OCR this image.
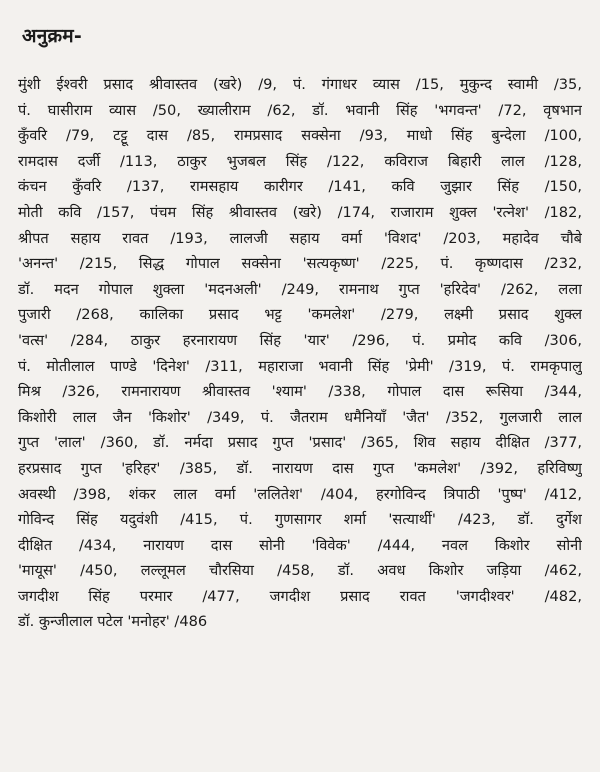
अनुक्रम-
मुंशी ईश्वरी प्रसाद श्रीवास्तव (खरे) /9, पं. गंगाधर व्यास /15, मुकुन्द स्वामी /35,
पं. घासीराम व्यास /50, ख्यालीराम /62, डॉ. भवानी सिंह 'भगवन्त' /72, वृषभान
कुँवरि /79, टट्टू दास /85, रामप्रसाद सक्सेना /93, माधो सिंह बुन्देला /100,
रामदास दर्जी /113, ठाकुर भुजबल सिंह /122, कविराज बिहारी लाल /128,
कंचन कुँवरि /137, रामसहाय कारीगर /141, कवि जुझार सिंह /150,
मोती कवि /157, पंचम सिंह श्रीवास्तव (खरे) /174, राजाराम शुक्ल 'रत्नेश' /182,
श्रीपत सहाय रावत /193, लालजी सहाय वर्मा 'विशद' /203, महादेव चौबे
'अनन्त' /215, सिद्ध गोपाल सक्सेना 'सत्यकृष्ण' /225, पं. कृष्णदास /232,
डॉ. मदन गोपाल शुक्ला 'मदनअली' /249, रामनाथ गुप्त 'हरिदेव' /262, लला
पुजारी /268, कालिका प्रसाद भट्ट 'कमलेश' /279, लक्ष्मी प्रसाद शुक्ल
'वत्स' /284, ठाकुर हरनारायण सिंह 'यार' /296, पं. प्रमोद कवि /306,
पं. मोतीलाल पाण्डे 'दिनेश' /311, महाराजा भवानी सिंह 'प्रेमी' /319, पं. रामकृपालु
मिश्र /326, रामनारायण श्रीवास्तव 'श्याम' /338, गोपाल दास रूसिया /344,
किशोरी लाल जैन 'किशोर' /349, पं. जैतराम धमैनियाँ 'जैत' /352, गुलजारी लाल
गुप्त 'लाल' /360, डॉ. नर्मदा प्रसाद गुप्त 'प्रसाद' /365, शिव सहाय दीक्षित /377,
हरप्रसाद गुप्त 'हरिहर' /385, डॉ. नारायण दास गुप्त 'कमलेश' /392, हरिविष्णु
अवस्थी /398, शंकर लाल वर्मा 'ललितेश' /404, हरगोविन्द त्रिपाठी 'पुष्प' /412,
गोविन्द सिंह यदुवंशी /415, पं. गुणसागर शर्मा 'सत्यार्थी' /423, डॉ. दुर्गेश
दीक्षित /434, नारायण दास सोनी 'विवेक' /444, नवल किशोर सोनी
'मायूस' /450, लल्लूमल चौरसिया /458, डॉ. अवध किशोर जड़िया /462,
जगदीश सिंह परमार /477, जगदीश प्रसाद रावत 'जगदीश्वर' /482,
डॉ. कुन्जीलाल पटेल 'मनोहर' /486
